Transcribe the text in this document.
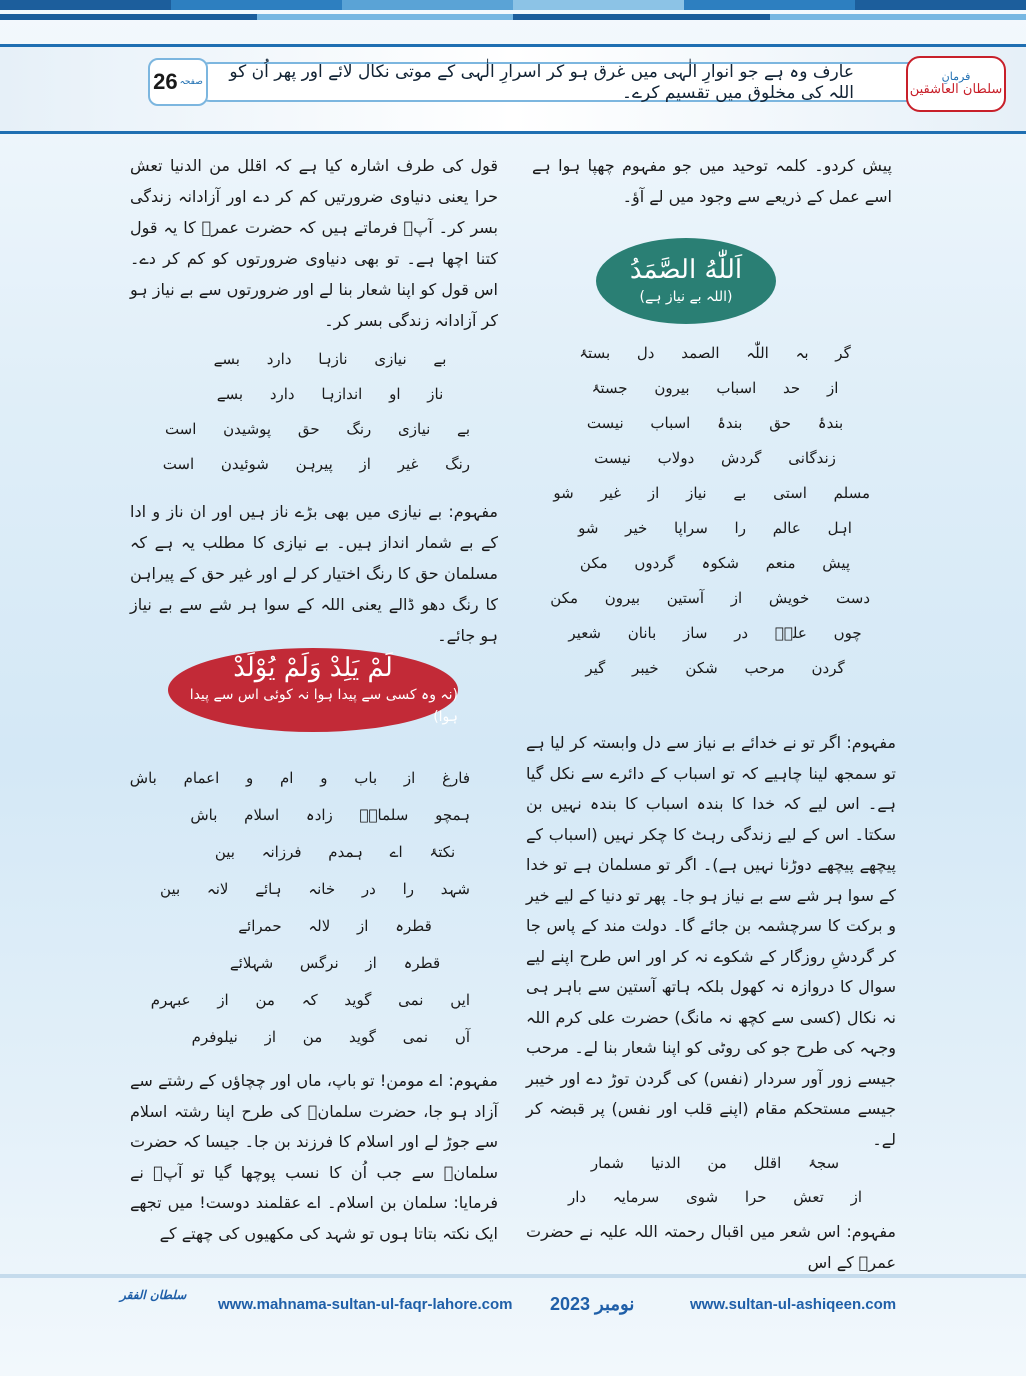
عارف وہ ہے جو انوارِ الٰہی میں غرق ہو کر اسرارِ الٰہی کے موتی نکال لائے اور پھر اُن کو اللہ کی مخلوق میں تقسیم کرے۔
فرمانِ
سلطان العاشقین
26 صفحہ

پیش کردو۔ کلمہ توحید میں جو مفہوم چھپا ہوا ہے اسے عمل کے ذریعے سے وجود میں لے آؤ۔

اَللّٰهُ الصَّمَدُ
(اللہ بے نیاز ہے)
گر بہ اللّٰہ الصمد دل بستۂ
از حد اسباب بیرون جستۂ
بندۂ حق بندۂ اسباب نیست
زندگانی گردش دولاب نیست
مسلم استی بے نیاز از غیر شو
اہل عالم را سراپا خیر شو
پیش منعم شکوہ گردوں مکن
دست خویش از آستین بیرون مکن
چوں علیؓ در ساز بانان شعیر
گردن مرحب شکن خیبر گیر

مفہوم: اگر تو نے خدائے بے نیاز سے دل وابستہ کر لیا ہے تو سمجھ لینا چاہیے کہ تو اسباب کے دائرے سے نکل گیا ہے۔ اس لیے کہ خدا کا بندہ اسباب کا بندہ نہیں بن سکتا۔ اس کے لیے زندگی رہٹ کا چکر نہیں (اسباب کے پیچھے پیچھے دوڑنا نہیں ہے)۔ اگر تو مسلمان ہے تو خدا کے سوا ہر شے سے بے نیاز ہو جا۔ پھر تو دنیا کے لیے خیر و برکت کا سرچشمہ بن جائے گا۔ دولت مند کے پاس جا کر گردشِ روزگار کے شکوے نہ کر اور اس طرح اپنے لیے سوال کا دروازہ نہ کھول بلکہ ہاتھ آستین سے باہر ہی نہ نکال (کسی سے کچھ نہ مانگ) حضرت علی کرم اللہ وجہہ کی طرح جو کی روٹی کو اپنا شعار بنا لے۔ مرحب جیسے زور آور سردار (نفس) کی گردن توڑ دے اور خیبر جیسے مستحکم مقام (اپنے قلب اور نفس) پر قبضہ کر لے۔

سجۂ اقلل من الدنیا شمار
از تعش حرا شوی سرمایہ دار

مفہوم: اس شعر میں اقبال رحمتہ اللہ علیہ نے حضرت عمرؓ کے اس

قول کی طرف اشارہ کیا ہے کہ اقلل من الدنیا تعش حرا یعنی دنیاوی ضرورتیں کم کر دے اور آزادانہ زندگی بسر کر۔ آپؓ فرماتے ہیں کہ حضرت عمرؓ کا یہ قول کتنا اچھا ہے۔ تو بھی دنیاوی ضرورتوں کو کم کر دے۔ اس قول کو اپنا شعار بنا لے اور ضرورتوں سے بے نیاز ہو کر آزادانہ زندگی بسر کر۔

بے نیازی نازہا دارد بسے
ناز او اندازہا دارد بسے
بے نیازی رنگ حق پوشیدن است
رنگ غیر از پیرہن شوئیدن است

مفہوم: بے نیازی میں بھی بڑے ناز ہیں اور ان ناز و ادا کے بے شمار انداز ہیں۔ بے نیازی کا مطلب یہ ہے کہ مسلمان حق کا رنگ اختیار کر لے اور غیر حق کے پیراہن کا رنگ دھو ڈالے یعنی اللہ کے سوا ہر شے سے بے نیاز ہو جائے۔

لَمْ يَلِدْ وَلَمْ يُوْلَدْ
(نہ وہ کسی سے پیدا ہوا نہ کوئی اس سے پیدا ہوا)
فارغ از باب و ام و اعمام باش
ہمچو سلمانؓ زادہ اسلام باش
نکتۂ اے ہمدم فرزانہ بین
شہد را در خانہ ہائے لانہ بین
قطرہ از لالہ حمرائے
قطرہ از نرگس شہلائے
ایں نمی گوید کہ من از عبہرم
آں نمی گوید من از نیلوفرم

مفہوم: اے مومن! تو باپ، ماں اور چچاؤں کے رشتے سے آزاد ہو جا، حضرت سلمانؓ کی طرح اپنا رشتہ اسلام سے جوڑ لے اور اسلام کا فرزند بن جا۔ جیسا کہ حضرت سلمانؓ سے جب اُن کا نسب پوچھا گیا تو آپؓ نے فرمایا: سلمان بن اسلام۔ اے عقلمند دوست! میں تجھے ایک نکتہ بتاتا ہوں تو شہد کی مکھیوں کی چھتے کے

سلطان الفقر
www.mahnama-sultan-ul-faqr-lahore.com نومبر 2023	www.sultan-ul-ashiqeen.com
